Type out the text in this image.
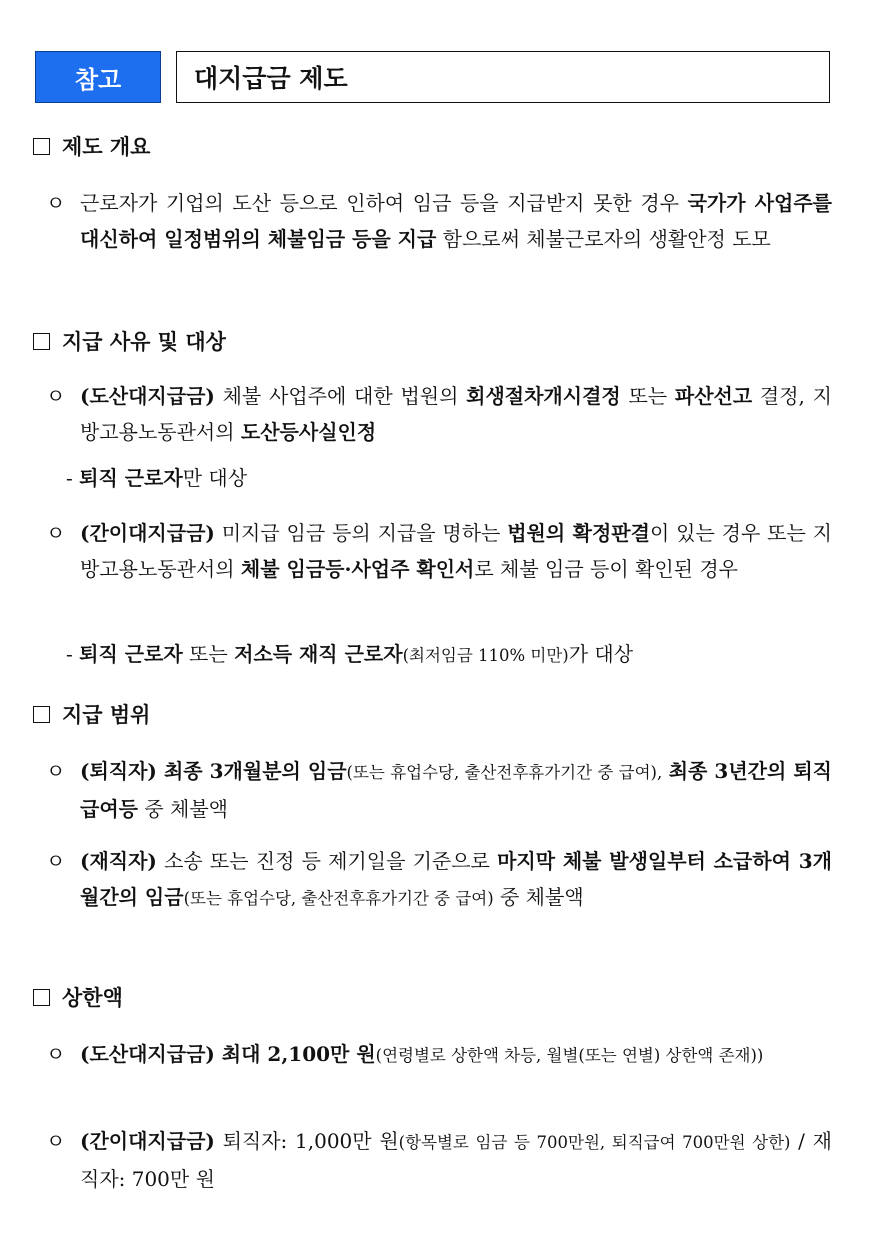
참고	대지급금 제도
제도 개요
ㅇ 근로자가 기업의 도산 등으로 인하여 임금 등을 지급받지 못한 경우 국가가 사업주를 대신하여 일정범위의 체불임금 등을 지급 함으로써 체불근로자의 생활안정 도모
지급 사유 및 대상
ㅇ (도산대지급금) 체불 사업주에 대한 법원의 회생절차개시결정 또는 파산선고 결정, 지방고용노동관서의 도산등사실인정
- 퇴직 근로자만 대상
ㅇ (간이대지급금) 미지급 임금 등의 지급을 명하는 법원의 확정판결이 있는 경우 또는 지방고용노동관서의 체불 임금등·사업주 확인서로 체불 임금 등이 확인된 경우
- 퇴직 근로자 또는 저소득 재직 근로자(최저임금 110% 미만)가 대상
지급 범위
ㅇ (퇴직자) 최종 3개월분의 임금(또는 휴업수당, 출산전후휴가기간 중 급여), 최종 3년간의 퇴직급여등 중 체불액
ㅇ (재직자) 소송 또는 진정 등 제기일을 기준으로 마지막 체불 발생일부터 소급하여 3개월간의 임금(또는 휴업수당, 출산전후휴가기간 중 급여) 중 체불액
상한액
ㅇ (도산대지급금) 최대 2,100만 원(연령별로 상한액 차등, 월별(또는 연별) 상한액 존재))
ㅇ (간이대지급금) 퇴직자: 1,000만 원(항목별로 임금 등 700만원, 퇴직급여 700만원 상한) / 재직자: 700만 원
